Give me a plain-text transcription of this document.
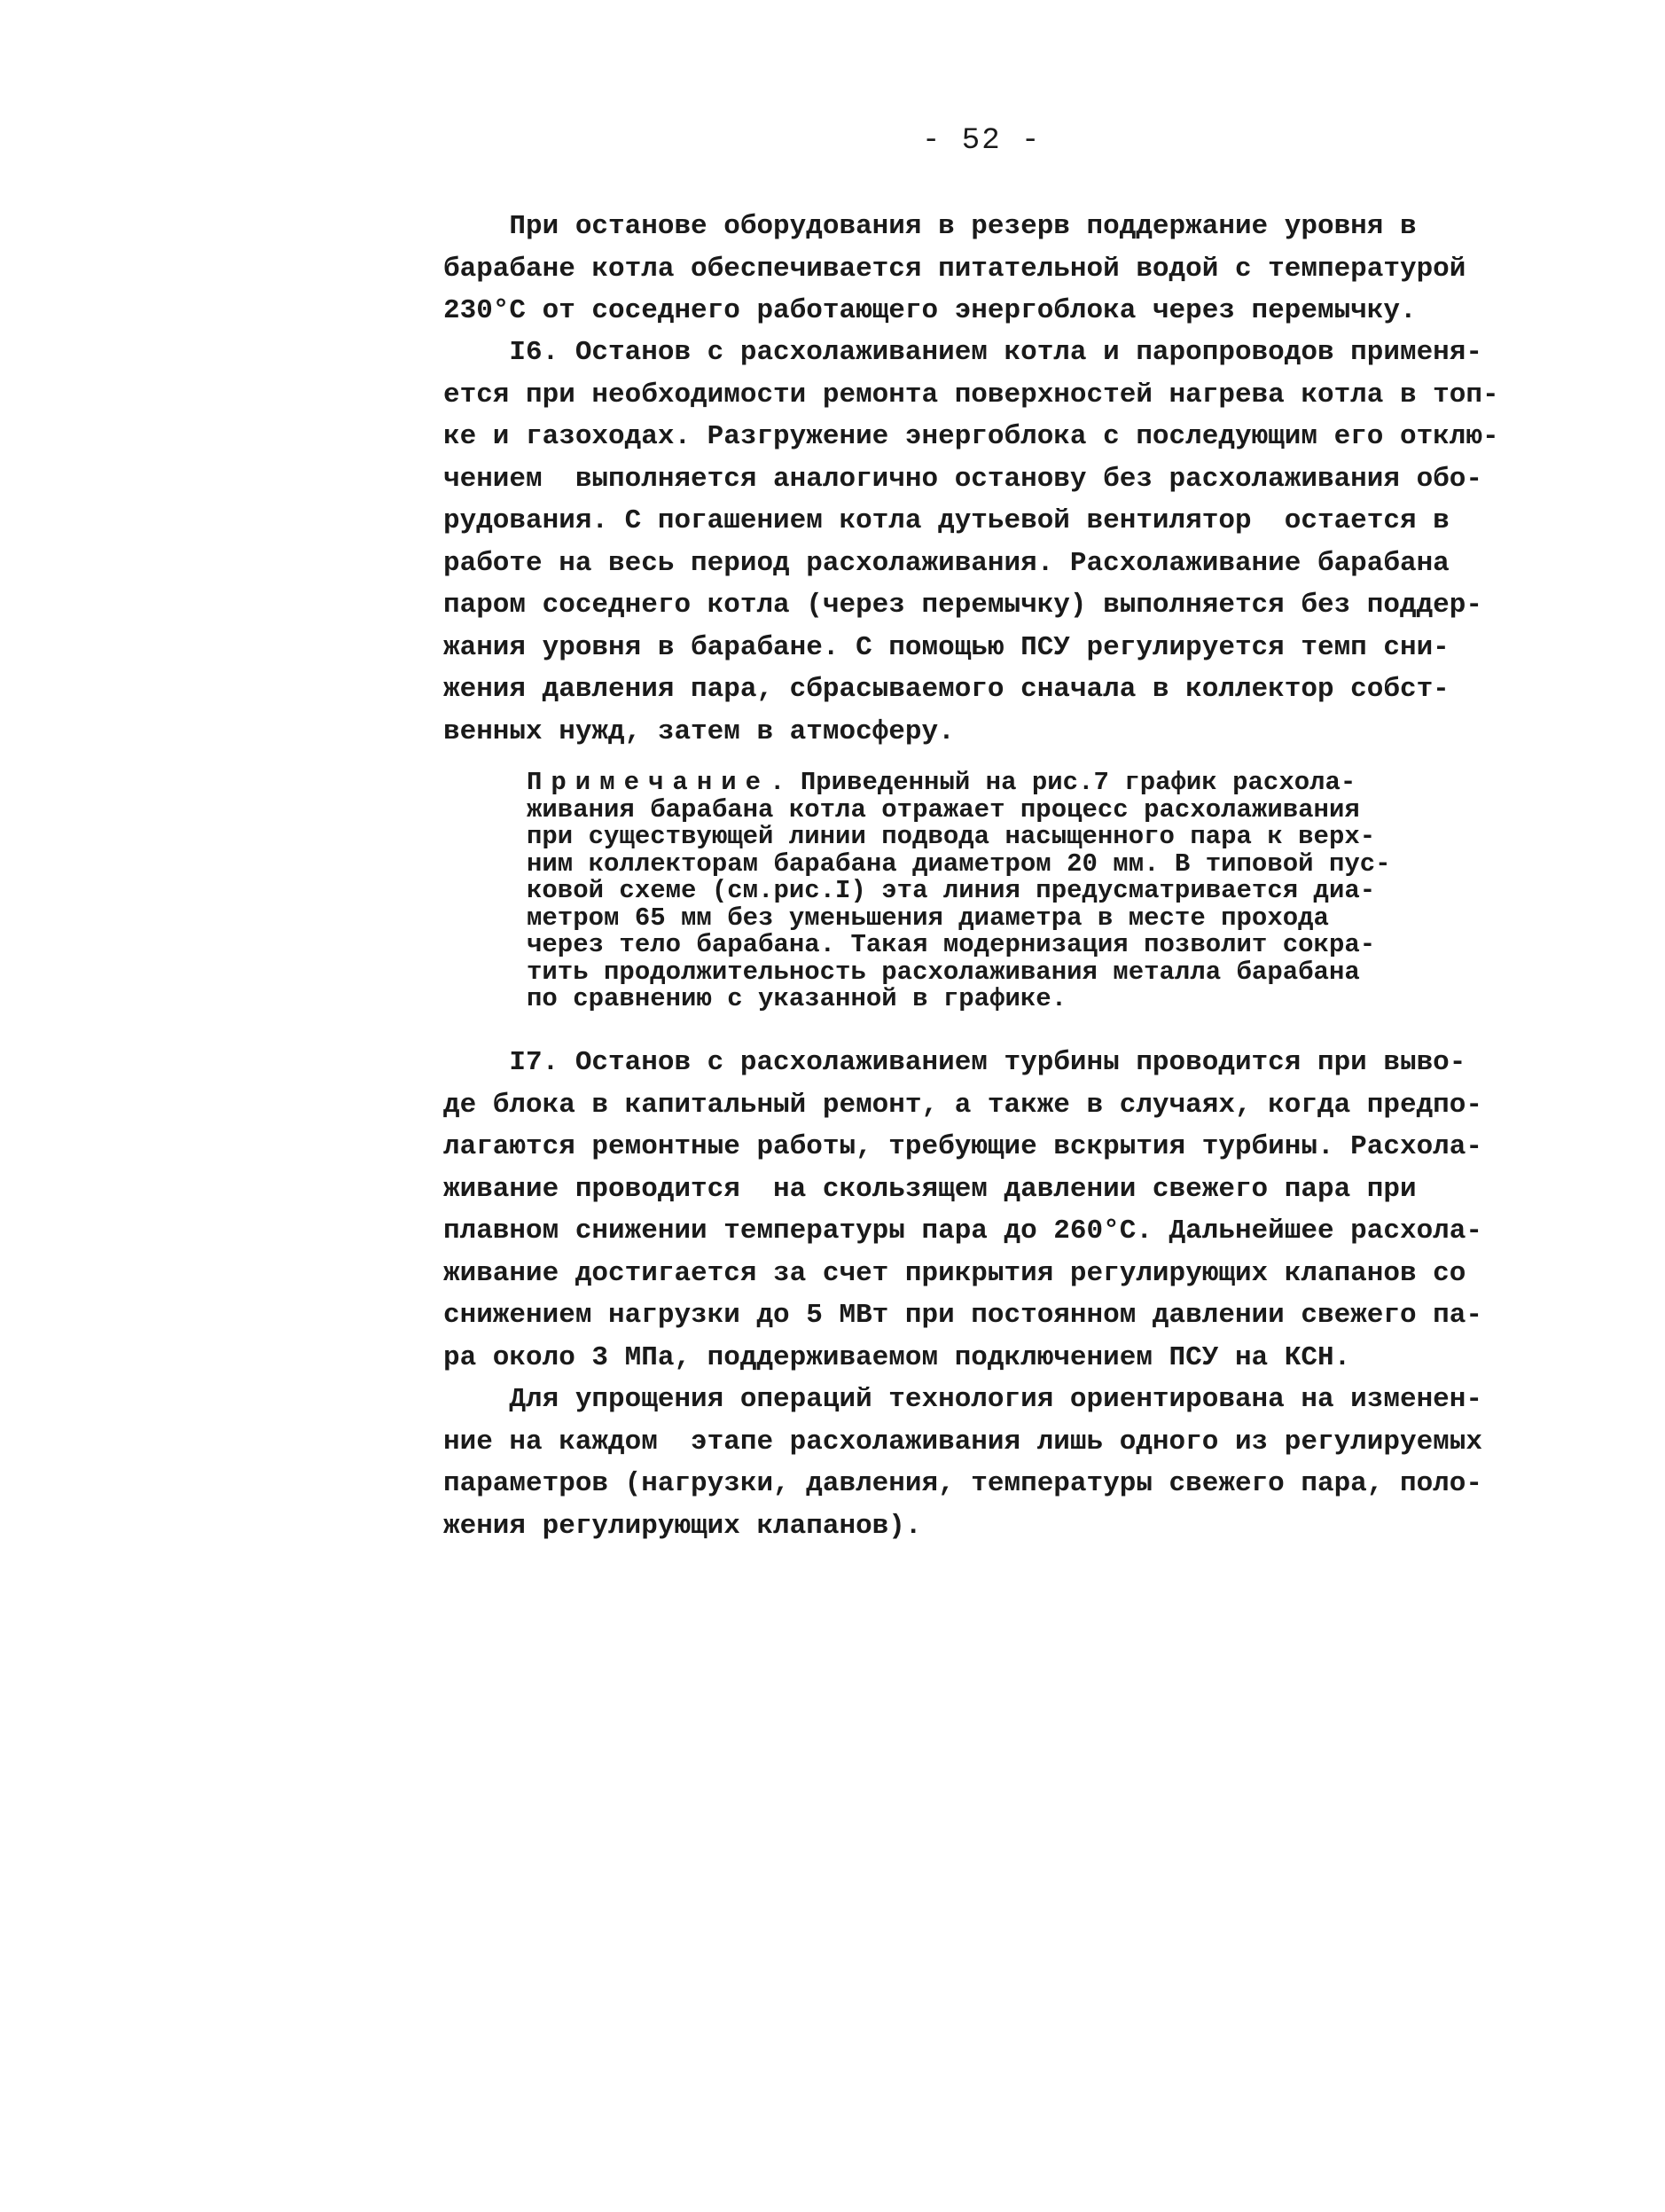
- 52 -
При останове оборудования в резерв поддержание уровня в
барабане котла обеспечивается питательной водой с температурой
230°С от соседнего работающего энергоблока через перемычку.
I6. Останов с расхолаживанием котла и паропроводов применя-
ется при необходимости ремонта поверхностей нагрева котла в топ-
ке и газоходах. Разгружение энергоблока с последующим его отклю-
чением  выполняется аналогично останову без расхолаживания обо-
рудования. С погашением котла дутьевой вентилятор  остается в
работе на весь период расхолаживания. Расхолаживание барабана
паром соседнего котла (через перемычку) выполняется без поддер-
жания уровня в барабане. С помощью ПСУ регулируется темп сни-
жения давления пара, сбрасываемого сначала в коллектор собст-
венных нужд, затем в атмосферу.
Примечание. Приведенный на рис.7 график расхола-
живания барабана котла отражает процесс расхолаживания
при существующей линии подвода насыщенного пара к верх-
ним коллекторам барабана диаметром 20 мм. В типовой пус-
ковой схеме (см.рис.I) эта линия предусматривается диа-
метром 65 мм без уменьшения диаметра в месте прохода
через тело барабана. Такая модернизация позволит сокра-
тить продолжительность расхолаживания металла барабана
по сравнению с указанной в графике.
I7. Останов с расхолаживанием турбины проводится при выво-
де блока в капитальный ремонт, а также в случаях, когда предпо-
лагаются ремонтные работы, требующие вскрытия турбины. Расхола-
живание проводится  на скользящем давлении свежего пара при
плавном снижении температуры пара до 260°С. Дальнейшее расхола-
живание достигается за счет прикрытия регулирующих клапанов со
снижением нагрузки до 5 МВт при постоянном давлении свежего па-
ра около 3 МПа, поддерживаемом подключением ПСУ на КСН.
Для упрощения операций технология ориентирована на изменен-
ние на каждом  этапе расхолаживания лишь одного из регулируемых
параметров (нагрузки, давления, температуры свежего пара, поло-
жения регулирующих клапанов).
